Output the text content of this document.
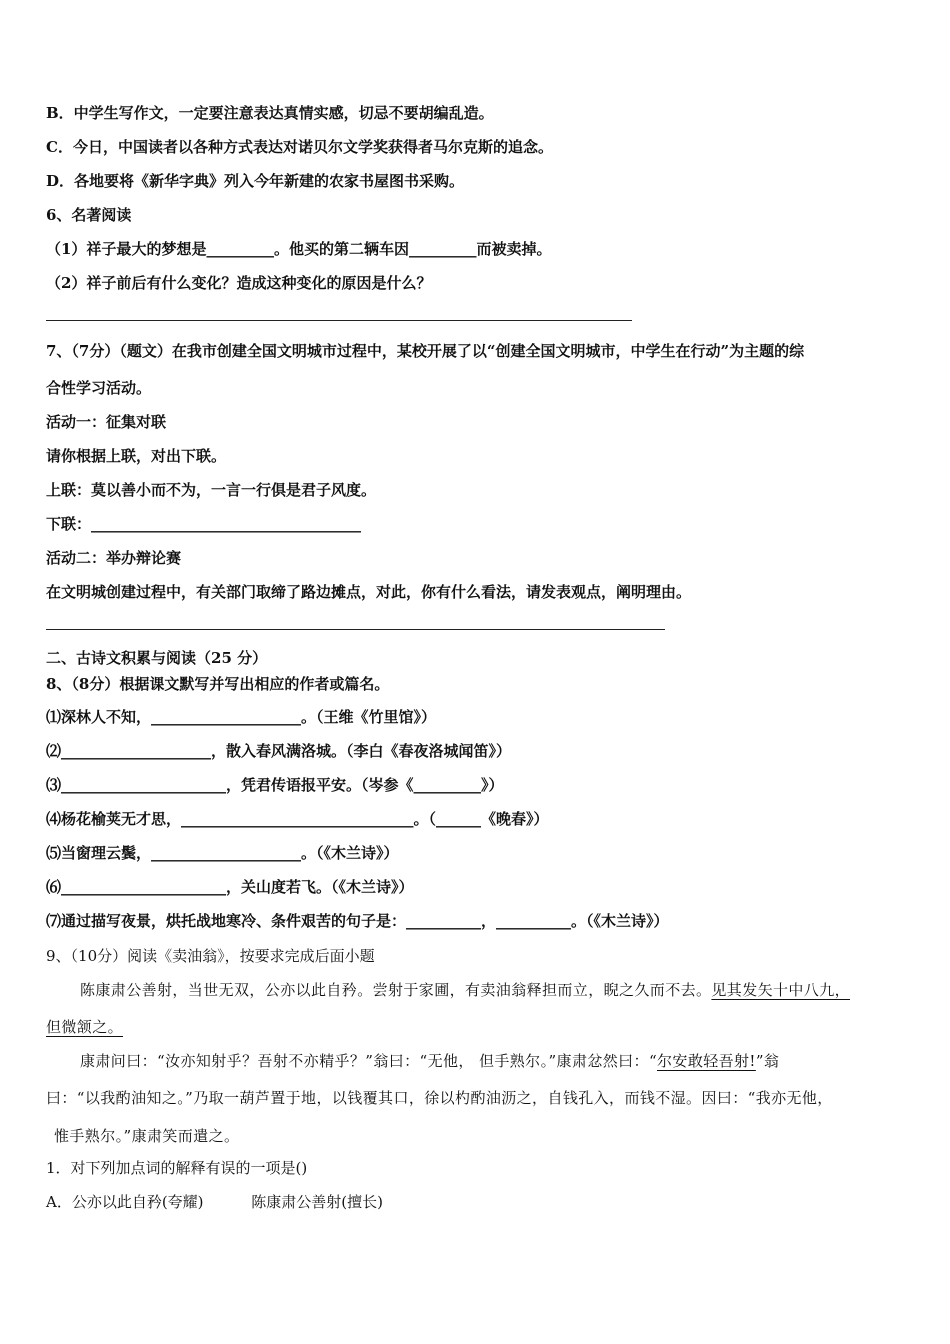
B．中学生写作文，一定要注意表达真情实感，切忌不要胡编乱造。
C．今日，中国读者以各种方式表达对诺贝尔文学奖获得者马尔克斯的追念。
D．各地要将《新华字典》列入今年新建的农家书屋图书采购。
6、名著阅读
（1）祥子最大的梦想是_________。他买的第二辆车因_________而被卖掉。
（2）祥子前后有什么变化？造成这种变化的原因是什么？
7、（7分）（题文）在我市创建全国文明城市过程中，某校开展了以“创建全国文明城市，中学生在行动”为主题的综
合性学习活动。
活动一：征集对联
请你根据上联，对出下联。
上联：莫以善小而不为，一言一行俱是君子风度。
下联：____________________________________
活动二：举办辩论赛
在文明城创建过程中，有关部门取缔了路边摊点，对此，你有什么看法，请发表观点，阐明理由。
二、古诗文积累与阅读（25 分）
8、（8分）根据课文默写并写出相应的作者或篇名。
⑴深林人不知，____________________。（王维《竹里馆》）
⑵____________________，散入春风满洛城。（李白《春夜洛城闻笛》）
⑶______________________，凭君传语报平安。（岑参《_________》）
⑷杨花榆荚无才思，_______________________________。（______《晚春》）
⑸当窗理云鬓，____________________。（《木兰诗》）
⑹______________________，关山度若飞。（《木兰诗》）
⑺通过描写夜景，烘托战地寒冷、条件艰苦的句子是：__________，__________。（《木兰诗》）
9、（10分）阅读《卖油翁》，按要求完成后面小题
陈康肃公善射，当世无双，公亦以此自矜。尝射于家圃，有卖油翁释担而立，睨之久而不去。见其发矢十中八九，
但微颔之。
康肃问曰：“汝亦知射乎？吾射不亦精乎？”翁曰：“无他， 但手熟尔。”康肃忿然曰：“尔安敢轻吾射!”翁
曰：“以我酌油知之。”乃取一葫芦置于地，以钱覆其口，徐以杓酌油沥之，自钱孔入，而钱不湿。因曰：“我亦无他，
惟手熟尔。”康肃笑而遣之。
1．对下列加点词的解释有误的一项是()
A．公亦以此自矜(夸耀)          陈康肃公善射(擅长)
